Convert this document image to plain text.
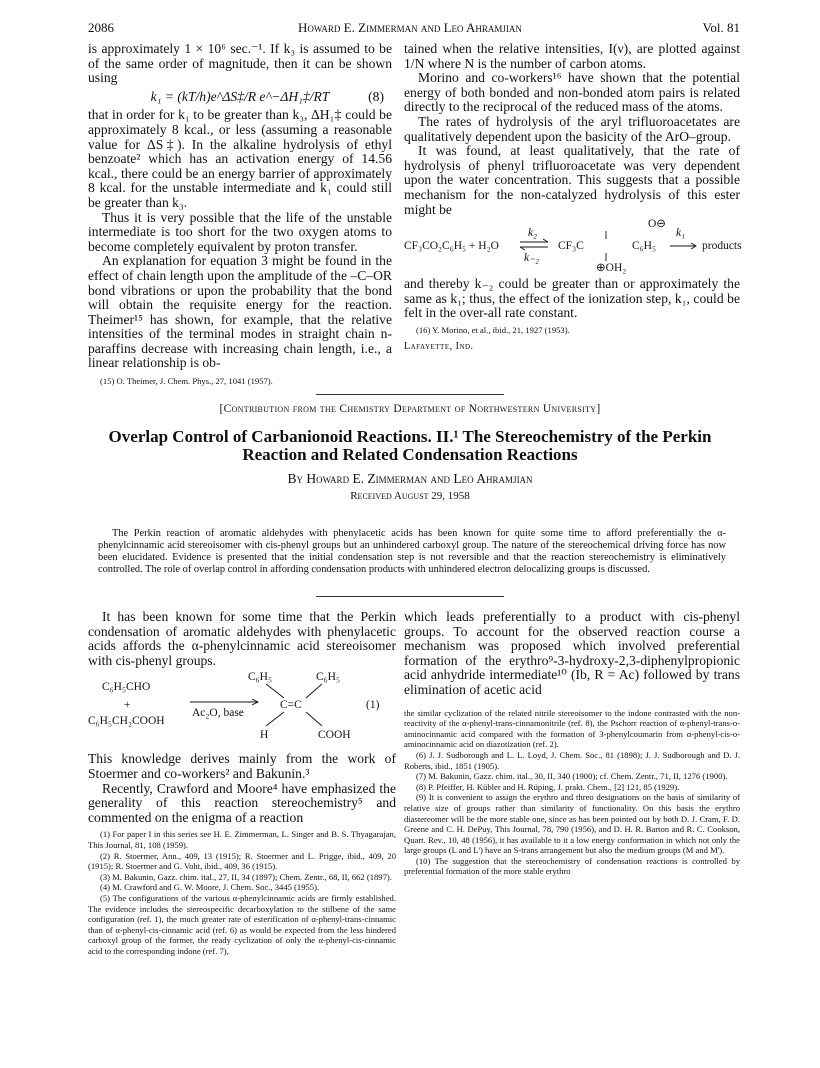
2086	Howard E. Zimmerman and Leo Ahramjian	Vol. 81

is approximately 1 × 10⁶ sec.⁻¹. If k₃ is assumed to be of the same order of magnitude, then it can be shown using

k₁ = (kT/h)e^ΔS‡/R e^−ΔH₁‡/RT	(8)

that in order for k₁ to be greater than k₃, ΔH₁‡ could be approximately 8 kcal., or less (assuming a reasonable value for ΔS‡). In the alkaline hydrolysis of ethyl benzoate² which has an activation energy of 14.56 kcal., there could be an energy barrier of approximately 8 kcal. for the unstable intermediate and k₁ could still be greater than k₃.

Thus it is very possible that the life of the unstable intermediate is too short for the two oxygen atoms to become completely equivalent by proton transfer.

An explanation for equation 3 might be found in the effect of chain length upon the amplitude of the –C–OR bond vibrations or upon the probability that the bond will obtain the requisite energy for the reaction. Theimer¹⁵ has shown, for example, that the relative intensities of the terminal modes in straight chain n-paraffins decrease with increasing chain length, i.e., a linear relationship is ob-

(15) O. Theimer, J. Chem. Phys., 27, 1041 (1957).

tained when the relative intensities, I(ν), are plotted against 1/N where N is the number of carbon atoms.

Morino and co-workers¹⁶ have shown that the potential energy of both bonded and non-bonded atom pairs is related directly to the reciprocal of the reduced mass of the atoms.

The rates of hydrolysis of the aryl trifluoroacetates are qualitatively dependent upon the basicity of the ArO–group.

It was found, at least qualitatively, that the rate of hydrolysis of phenyl trifluoroacetate was very dependent upon the water concentration. This suggests that a possible mechanism for the non-catalyzed hydrolysis of this ester might be

O⊖
CF₃CO₂C₆H₅ + H₂O
k₂
k₋₂
⇌ CF₃C	C₆H₅
k₁
products
⊕OH₂

and thereby k₋₂ could be greater than or approximately the same as k₁; thus, the effect of the ionization step, k₁, could be felt in the over-all rate constant.

(16) Y. Morino, et al., ibid., 21, 1927 (1953).

Lafayette, Ind.

[Contribution from the Chemistry Department of Northwestern University]
Overlap Control of Carbanionoid Reactions. II.¹ The Stereochemistry of the Perkin
Reaction and Related Condensation Reactions
By Howard E. Zimmerman and Leo Ahramjian
Received August 29, 1958
The Perkin reaction of aromatic aldehydes with phenylacetic acids has been known for quite some time to afford preferentially the α-phenylcinnamic acid stereoisomer with cis-phenyl groups but an unhindered carboxyl group. The nature of the stereochemical driving force has now been elucidated. Evidence is presented that the initial condensation step is not reversible and that the reaction stereochemistry is eliminatively controlled. The role of overlap control in affording condensation products with unhindered electron delocalizing groups is discussed.

It has been known for some time that the Perkin condensation of aromatic aldehydes with phenylacetic acids affords the α-phenylcinnamic acid stereoisomer with cis-phenyl groups.

C₆H₅CHO
+
C₆H₅CH₂COOH
Ac₂O, base
C₆H₅	C₆H₅
C=C	(1)
H	COOH

This knowledge derives mainly from the work of Stoermer and co-workers² and Bakunin.³

Recently, Crawford and Moore⁴ have emphasized the generality of this reaction stereochemistry⁵ and commented on the enigma of a reaction

(1) For paper I in this series see H. E. Zimmerman, L. Singer and B. S. Thyagarajan, This Journal, 81, 108 (1959).

(2) R. Stoermer, Ann., 409, 13 (1915); R. Stoermer and L. Prigge, ibid., 409, 20 (1915); R. Stoermer and G. Voht, ibid., 409, 36 (1915).

(3) M. Bakunin, Gazz. chim. ital., 27, II, 34 (1897); Chem. Zentr., 68, II, 662 (1897).

(4) M. Crawford and G. W. Moore, J. Chem. Soc., 3445 (1955).

(5) The configurations of the various α-phenylcinnamic acids are firmly established. The evidence includes the stereospecific decarboxylation to the stilbene of the same configuration (ref. 1), the much greater rate of esterification of α-phenyl-trans-cinnamic than of α-phenyl-cis-cinnamic acid (ref. 6) as would be expected from the less hindered carboxyl group of the former, the ready cyclization of only the α-phenyl-cis-cinnamic acid to the corresponding indone (ref. 7),

which leads preferentially to a product with cis-phenyl groups. To account for the observed reaction course a mechanism was proposed which involved preferential formation of the erythro⁹-3-hydroxy-2,3-diphenylpropionic acid anhydride intermediate¹⁰ (Ib, R = Ac) followed by trans elimination of acetic acid

the similar cyclization of the related nitrile stereoisomer to the indone contrasted with the non-reactivity of the α-phenyl-trans-cinnamonitrile (ref. 8), the Pschorr reaction of α-phenyl-trans-o-aminocinnamic acid compared with the formation of 3-phenylcoumarin from α-phenyl-cis-o-aminocinnamic acid on diazotization (ref. 2).

(6) J. J. Sudborough and L. L. Loyd, J. Chem. Soc., 81 (1898); J. J. Sudborough and D. J. Roberts, ibid., 1851 (1905).

(7) M. Bakunin, Gazz. chim. ital., 30, II, 340 (1900); cf. Chem. Zentr., 71, II, 1276 (1900).

(8) P. Pfeiffer, H. Kübler and H. Rüping, J. prakt. Chem., [2] 121, 85 (1929).

(9) It is convenient to assign the erythro and threo designations on the basis of similarity of relative size of groups rather than similarity of functionality. On this basis the erythro diastereomer will be the more stable one, since as has been pointed out by both D. J. Cram, F. D. Greene and C. H. DePuy, This Journal, 78, 790 (1956), and D. H. R. Barton and R. C. Cookson, Quart. Rev., 10, 48 (1956), it has available to it a low energy conformation in which not only the large groups (L and L') have an S-trans arrangement but also the medium groups (M and M').

(10) The suggestion that the stereochemistry of condensation reactions is controlled by preferential formation of the more stable erythro
